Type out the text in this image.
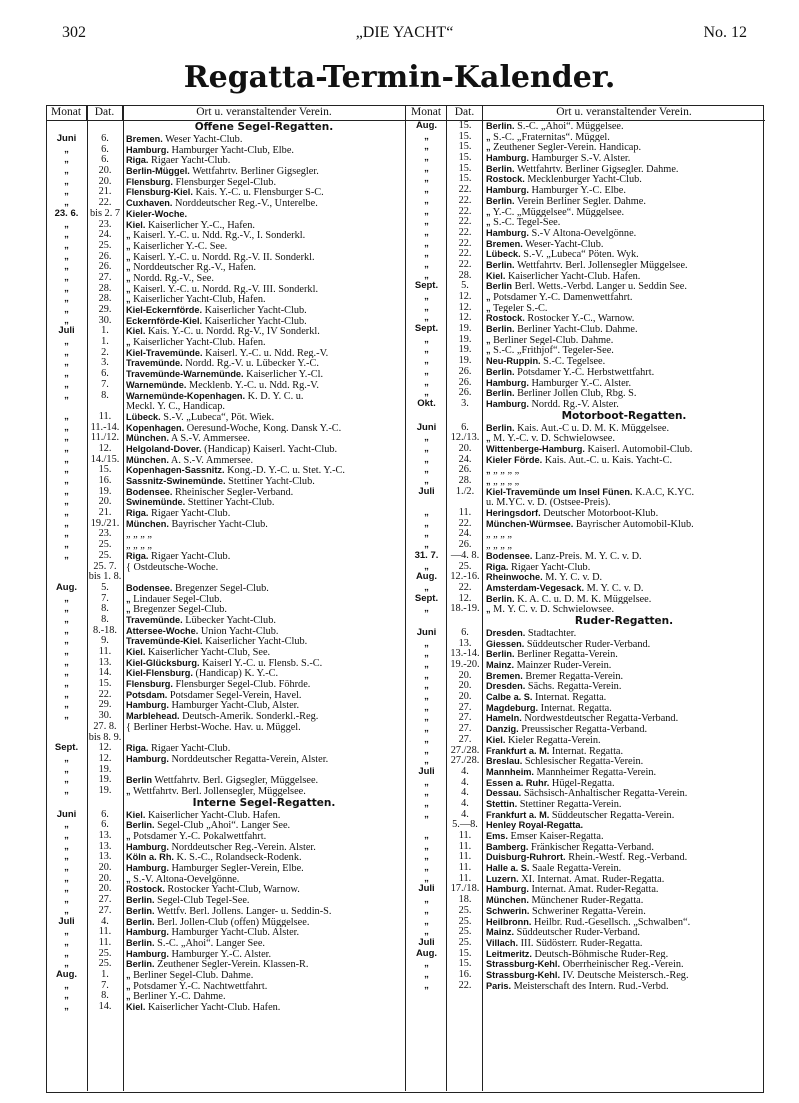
302	„DIE YACHT“	No. 12
Regatta-Termin-Kalender.
Monat	Dat.	Ort u. veranstaltender Verein.
Offene Segel-Regatten.
Juni	6.	Bremen. Weser Yacht-Club.
„	6.	Hamburg. Hamburger Yacht-Club, Elbe.
„	6.	Riga. Rigaer Yacht-Club.
„	20.	Berlin-Müggel. Wettfahrtv. Berliner Gigsegler.
„	20.	Flensburg. Flensburger Segel-Club.
„	21.	Flensburg-Kiel. Kais. Y.-C. u. Flensburger S-C.
„	22.	Cuxhaven. Norddeutscher Reg.-V., Unterelbe.
23. 6.	bis 2. 7 Kieler-Woche.
„	23.	Kiel. Kaiserlicher Y.-C., Hafen.
„	24.	„ Kaiserl. Y.-C. u. Ndd. Rg.-V., I. Sonderkl.
„	25.	„ Kaiserlicher Y.-C. See.
„	26.	„ Kaiserl. Y.-C. u. Nordd. Rg.-V. II. Sonderkl.
„	26.	„ Norddeutscher Rg.-V., Hafen.
„	27.	„ Nordd. Rg.-V., See.
„	28.	„ Kaiserl. Y.-C. u. Nordd. Rg.-V. III. Sonderkl.
„	28.	„ Kaiserlicher Yacht-Club, Hafen.
„	29.	Kiel-Eckernförde. Kaiserlicher Yacht-Club.
„	30.	Eckernförde-Kiel. Kaiserlicher Yacht-Club.
Juli	1.	Kiel. Kais. Y.-C. u. Nordd. Rg-V., IV Sonderkl.
„	1.	„ Kaiserlicher Yacht-Club. Hafen.
„	2.	Kiel-Travemünde. Kaiserl. Y.-C. u. Ndd. Reg.-V.
„	3.	Travemünde. Nordd. Rg.-V. u. Lübecker Y.-C.
„	6.	Travemünde-Warnemünde. Kaiserlicher Y.-Cl.
„	7.	Warnemünde. Mecklenb. Y.-C. u. Ndd. Rg.-V.
„	8.	Warnemünde-Kopenhagen. K. D. Y. C. u.
Meckl. Y. C., Handicap.
„	11.	Lübeck. S.-V. „Lubeca“, Pöt. Wiek.
„	11.-14. Kopenhagen. Oeresund-Woche, Kong. Dansk Y.-C.
„	11./12. München. A S.-V. Ammersee.
„	12.	Helgoland-Dover. (Handicap) Kaiserl. Yacht-Club.
„	14./15. München. A. S.-V. Ammersee.
„	15.	Kopenhagen-Sassnitz. Kong.-D. Y.-C. u. Stet. Y.-C.
„	16.	Sassnitz-Swinemünde. Stettiner Yacht-Club.
„	19.	Bodensee. Rheinischer Segler-Verband.
„	20.	Swinemünde. Stettiner Yacht-Club.
„	21.	Riga. Rigaer Yacht-Club.
„	19./21. München. Bayrischer Yacht-Club.
„	23.	„ „ „ „
„	25.	„ „ „ „
„	25.	Riga. Rigaer Yacht-Club.
25. 7. { Ostdeutsche-Woche.
bis 1. 8.
Aug.	5.	Bodensee. Bregenzer Segel-Club.
„	7.	„ Lindauer Segel-Club.
„	8.	„ Bregenzer Segel-Club.
„	8.	Travemünde. Lübecker Yacht-Club.
„	8.-18. Attersee-Woche. Union Yacht-Club.
„	9.	Travemünde-Kiel. Kaiserlicher Yacht-Club.
„	11.	Kiel. Kaiserlicher Yacht-Club, See.
„	13.	Kiel-Glücksburg. Kaiserl Y.-C. u. Flensb. S.-C.
„	14.	Kiel-Flensburg. (Handicap) K. Y.-C.
„	15.	Flensburg. Flensburger Segel-Club. Föhrde.
„	22.	Potsdam. Potsdamer Segel-Verein, Havel.
„	29.	Hamburg. Hamburger Yacht-Club, Alster.
„	30.	Marblehead. Deutsch-Amerik. Sonderkl.-Reg.
27. 8. { Berliner Herbst-Woche. Hav. u. Müggel.
bis 8. 9.
Sept.	12.	Riga. Rigaer Yacht-Club.
„	12.	Hamburg. Norddeutscher Regatta-Verein, Alster.
„	19.
„	19.	Berlin Wettfahrtv. Berl. Gigsegler, Müggelsee.
„	19.	„ Wettfahrtv. Berl. Jollensegler, Müggelsee.
Interne Segel-Regatten.
Juni	6.	Kiel. Kaiserlicher Yacht-Club. Hafen.
„	6.	Berlin. Segel-Club „Ahoi“. Langer See.
„	13.	„ Potsdamer Y.-C. Pokalwettfahrt.
„	13.	Hamburg. Norddeutscher Reg.-Verein. Alster.
„	13.	Köln a. Rh. K. S.-C., Rolandseck-Rodenk.
„	20.	Hamburg. Hamburger Segler-Verein, Elbe.
„	20.	„ S.-V. Altona-Oevelgönne.
„	20.	Rostock. Rostocker Yacht-Club, Warnow.
„	27.	Berlin. Segel-Club Tegel-See.
„	27.	Berlin. Wettfv. Berl. Jollens. Langer- u. Seddin-S.
Juli	4.	Berlin. Berl. Jollen-Club (offen) Müggelsee.
„	11.	Hamburg. Hamburger Yacht-Club. Alster.
„	11.	Berlin. S.-C. „Ahoi“. Langer See.
„	25.	Hamburg. Hamburger Y.-C. Alster.
„	25.	Berlin. Zeuthener Segler-Verein. Klassen-R.
Aug.	1.	„ Berliner Segel-Club. Dahme.
„	7.	„ Potsdamer Y.-C. Nachtwettfahrt.
„	8.	„ Berliner Y.-C. Dahme.
„	14.	Kiel. Kaiserlicher Yacht-Club. Hafen.
Monat	Dat.	Ort u. veranstaltender Verein.
Aug.	15.	Berlin. S.-C. „Ahoi“. Müggelsee.
„	15.	„ S.-C. „Fraternitas“. Müggel.
„	15.	„ Zeuthener Segler-Verein. Handicap.
„	15.	Hamburg. Hamburger S.-V. Alster.
„	15.	Berlin. Wettfahrtv. Berliner Gigsegler. Dahme.
„	15.	Rostock. Mecklenburger Yacht-Club.
„	22.	Hamburg. Hamburger Y.-C. Elbe.
„	22.	Berlin. Verein Berliner Segler. Dahme.
„	22.	„ Y.-C. „Müggelsee“. Müggelsee.
„	22.	„ S.-C. Tegel-See.
„	22.	Hamburg. S.-V Altona-Oevelgönne.
„	22.	Bremen. Weser-Yacht-Club.
„	22.	Lübeck. S.-V. „Lubeca“ Pöten. Wyk.
„	22.	Berlin. Wettfahrtv. Berl. Jollensegler Müggelsee.
„	28.	Kiel. Kaiserlicher Yacht-Club. Hafen.
Sept.	5.	Berlin Berl. Wetts.-Verbd. Langer u. Seddin See.
„	12.	„ Potsdamer Y.-C. Damenwettfahrt.
„	12.	„ Tegeler S.-C.
„	12.	Rostock. Rostocker Y.-C., Warnow.
Sept.	19.	Berlin. Berliner Yacht-Club. Dahme.
„	19.	„ Berliner Segel-Club. Dahme.
„	19.	„ S.-C. „Frithjof“. Tegeler-See.
„	19.	Neu-Ruppin. S.-C. Tegelsee.
„	26.	Berlin. Potsdamer Y.-C. Herbstwettfahrt.
„	26.	Hamburg. Hamburger Y.-C. Alster.
„	26.	Berlin. Berliner Jollen Club, Rbg. S.
Okt.	3.	Hamburg. Nordd. Rg.-V. Alster.
Motorboot-Regatten.
Juni	6.	Berlin. Kais. Aut.-C u. D. M. K. Müggelsee.
„	12./13. „ M. Y.-C. v. D. Schwielowsee.
„	20.	Wittenberge-Hamburg. Kaiserl. Automobil-Club.
„	24.	Kieler Förde. Kais. Aut.-C. u. Kais. Yacht-C.
„	26.	„ „ „ „ „
„	28.	„ „ „ „ „
Juli	1./2.	Kiel-Travemünde um Insel Fünen. K.A.C, K.YC.
u. M.YC. v. D. (Ostsee-Preis).
„	11.	Heringsdorf. Deutscher Motorboot-Klub.
„	22.	München-Würmsee. Bayrischer Automobil-Klub.
„	24.	„ „ „ „
„	26.	„ „ „ „
31. 7.	—4. 8. Bodensee. Lanz-Preis. M. Y. C. v. D.
„	25.	Riga. Rigaer Yacht-Club.
Aug.	12.-16. Rheinwoche. M. Y. C. v. D.
„	22.	Amsterdam-Vegesack. M. Y. C. v. D.
Sept.	12.	Berlin. K. A. C. u. D. M. K. Müggelsee.
„	18.-19. „ M. Y. C. v. D. Schwielowsee.
Ruder-Regatten.
Juni	6.	Dresden. Stadtachter.
„	13.	Giessen. Süddeutscher Ruder-Verband.
„	13.-14. Berlin. Berliner Regatta-Verein.
„	19.-20. Mainz. Mainzer Ruder-Verein.
„	20.	Bremen. Bremer Regatta-Verein.
„	20.	Dresden. Sächs. Regatta-Verein.
„	20.	Calbe a. S. Internat. Regatta.
„	27.	Magdeburg. Internat. Regatta.
„	27.	Hameln. Nordwestdeutscher Regatta-Verband.
„	27.	Danzig. Preussischer Regatta-Verband.
„	27.	Kiel. Kieler Regatta-Verein.
„	27./28. Frankfurt a. M. Internat. Regatta.
„	27./28. Breslau. Schlesischer Regatta-Verein.
Juli	4.	Mannheim. Mannheimer Regatta-Verein.
„	4.	Essen a. Ruhr. Hügel-Regatta.
„	4.	Dessau. Sächsisch-Anhaltischer Regatta-Verein.
„	4.	Stettin. Stettiner Regatta-Verein.
„	4.	Frankfurt a. M. Süddeutscher Regatta-Verein.
5.—8. Henley Royal-Regatta.
„	11.	Ems. Emser Kaiser-Regatta.
„	11.	Bamberg. Fränkischer Regatta-Verband.
„	11.	Duisburg-Ruhrort. Rhein.-Westf. Reg.-Verband.
„	11.	Halle a. S. Saale Regatta-Verein.
„	11.	Luzern. XI. Internat. Amat. Ruder-Regatta.
Juli	17./18. Hamburg. Internat. Amat. Ruder-Regatta.
„	18.	München. Münchener Ruder-Regatta.
„	25.	Schwerin. Schweriner Regatta-Verein.
„	25.	Heilbronn. Heilbr. Rud.-Gesellsch. „Schwalben“.
„	25.	Mainz. Süddeutscher Ruder-Verband.
Juli	25.	Villach. III. Südösterr. Ruder-Regatta.
Aug.	15.	Leitmeritz. Deutsch-Böhmische Ruder-Reg.
„	15.	Strassburg-Kehl. Oberrheinischer Reg.-Verein.
„	16.	Strassburg-Kehl. IV. Deutsche Meistersch.-Reg.
„	22.	Paris. Meisterschaft des Intern. Rud.-Verbd.
